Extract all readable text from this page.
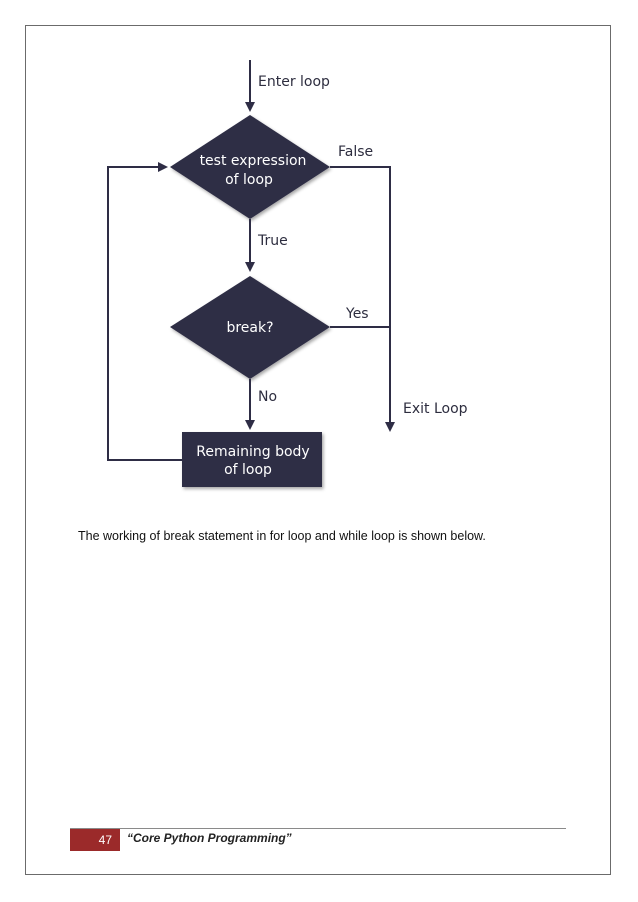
Enter loop
test expression
of loop
False
True
break?
Yes
Exit Loop
No
Remaining body
of loop

The working of break statement in for loop and while loop is shown below.

47	“Core Python Programming”
